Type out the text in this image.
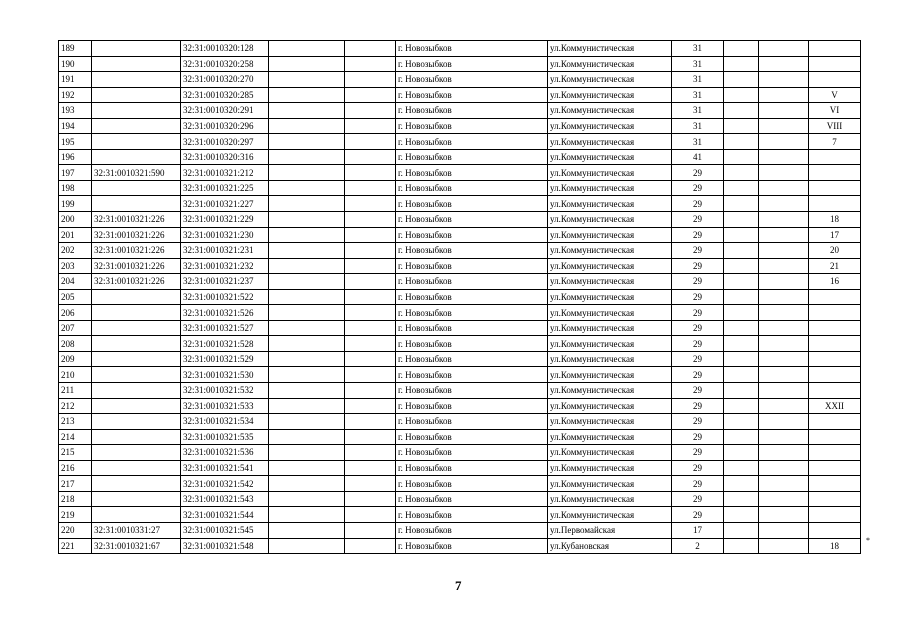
189		32:31:0010320:128			г. Новозыбков	ул.Коммунистическая	31			
190		32:31:0010320:258			г. Новозыбков	ул.Коммунистическая	31			
191		32:31:0010320:270			г. Новозыбков	ул.Коммунистическая	31			
192		32:31:0010320:285			г. Новозыбков	ул.Коммунистическая	31			V
193		32:31:0010320:291			г. Новозыбков	ул.Коммунистическая	31			VI
194		32:31:0010320:296			г. Новозыбков	ул.Коммунистическая	31			VIII
195		32:31:0010320:297			г. Новозыбков	ул.Коммунистическая	31			7
196		32:31:0010320:316			г. Новозыбков	ул.Коммунистическая	41			
197	32:31:0010321:590	32:31:0010321:212			г. Новозыбков	ул.Коммунистическая	29			
198		32:31:0010321:225			г. Новозыбков	ул.Коммунистическая	29			
199		32:31:0010321:227			г. Новозыбков	ул.Коммунистическая	29			
200	32:31:0010321:226	32:31:0010321:229			г. Новозыбков	ул.Коммунистическая	29			18
201	32:31:0010321:226	32:31:0010321:230			г. Новозыбков	ул.Коммунистическая	29			17
202	32:31:0010321:226	32:31:0010321:231			г. Новозыбков	ул.Коммунистическая	29			20
203	32:31:0010321:226	32:31:0010321:232			г. Новозыбков	ул.Коммунистическая	29			21
204	32:31:0010321:226	32:31:0010321:237			г. Новозыбков	ул.Коммунистическая	29			16
205		32:31:0010321:522			г. Новозыбков	ул.Коммунистическая	29			
206		32:31:0010321:526			г. Новозыбков	ул.Коммунистическая	29			
207		32:31:0010321:527			г. Новозыбков	ул.Коммунистическая	29			
208		32:31:0010321:528			г. Новозыбков	ул.Коммунистическая	29			
209		32:31:0010321:529			г. Новозыбков	ул.Коммунистическая	29			
210		32:31:0010321:530			г. Новозыбков	ул.Коммунистическая	29			
211		32:31:0010321:532			г. Новозыбков	ул.Коммунистическая	29			
212		32:31:0010321:533			г. Новозыбков	ул.Коммунистическая	29			XXII
213		32:31:0010321:534			г. Новозыбков	ул.Коммунистическая	29			
214		32:31:0010321:535			г. Новозыбков	ул.Коммунистическая	29			
215		32:31:0010321:536			г. Новозыбков	ул.Коммунистическая	29			
216		32:31:0010321:541			г. Новозыбков	ул.Коммунистическая	29			
217		32:31:0010321:542			г. Новозыбков	ул.Коммунистическая	29			
218		32:31:0010321:543			г. Новозыбков	ул.Коммунистическая	29			
219		32:31:0010321:544			г. Новозыбков	ул.Коммунистическая	29			
220	32:31:0010331:27	32:31:0010321:545			г. Новозыбков	ул.Первомайская	17			
221	32:31:0010321:67	32:31:0010321:548			г. Новозыбков	ул.Кубановская	2			18
7
*
